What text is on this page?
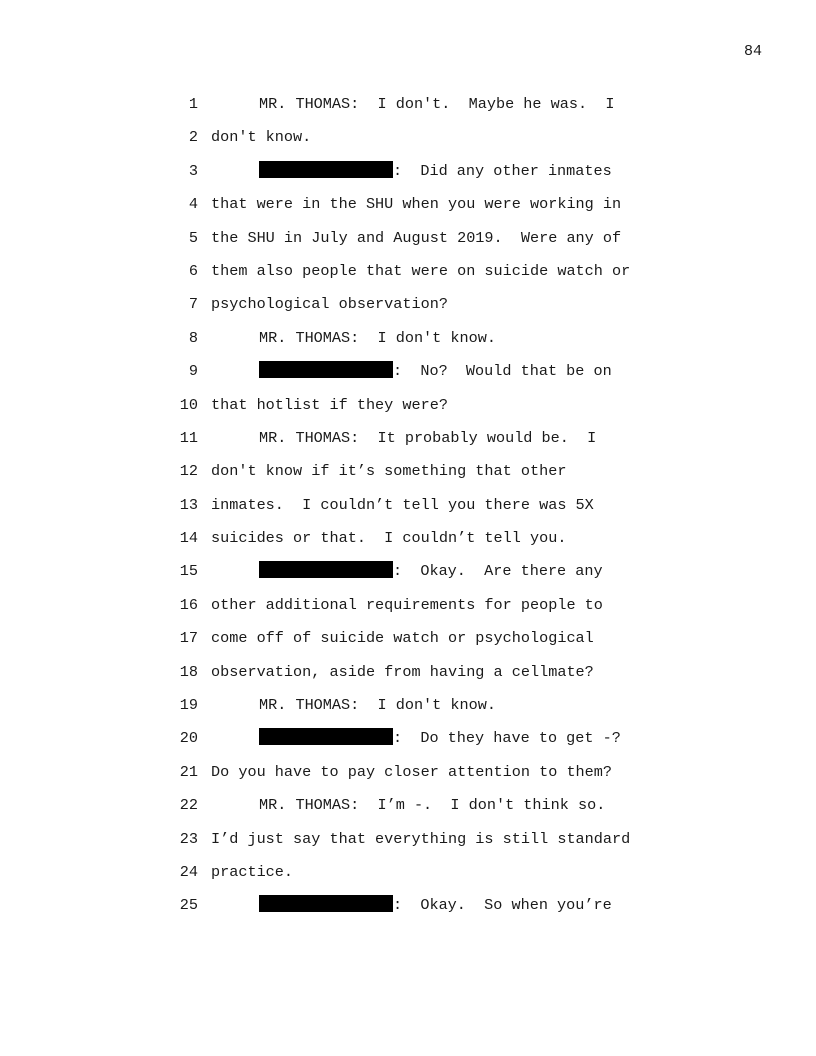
84
1	MR. THOMAS:  I don't.  Maybe he was.  I
2 don't know.
3	:  Did any other inmates
4 that were in the SHU when you were working in
5 the SHU in July and August 2019.  Were any of
6 them also people that were on suicide watch or
7 psychological observation?
8	MR. THOMAS:  I don't know.
9	:  No?  Would that be on
10 that hotlist if they were?
11	MR. THOMAS:  It probably would be.  I
12 don't know if it’s something that other
13 inmates.  I couldn’t tell you there was 5X
14 suicides or that.  I couldn’t tell you.
15	:  Okay.  Are there any
16 other additional requirements for people to
17 come off of suicide watch or psychological
18 observation, aside from having a cellmate?
19	MR. THOMAS:  I don't know.
20	:  Do they have to get -?
21 Do you have to pay closer attention to them?
22	MR. THOMAS:  I’m -.  I don't think so.
23 I’d just say that everything is still standard
24 practice.
25	:  Okay.  So when you’re
